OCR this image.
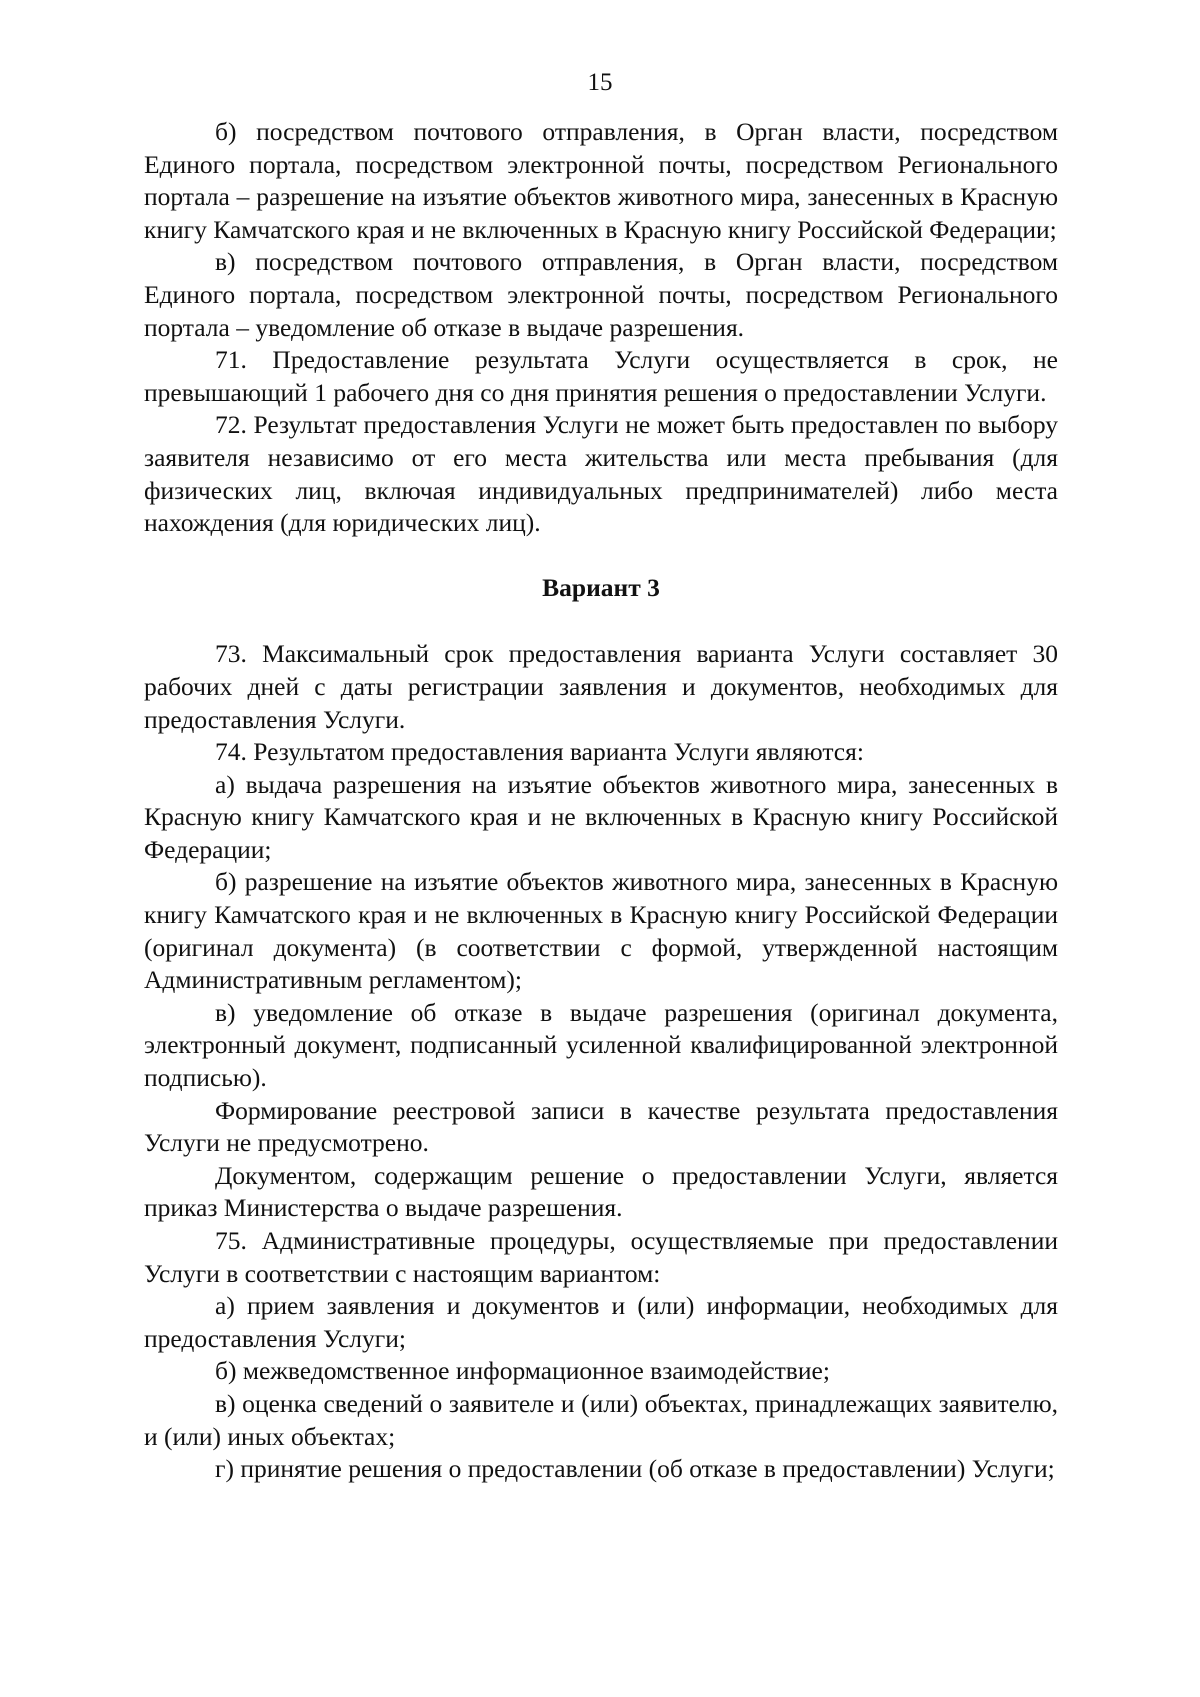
15

б) посредством почтового отправления, в Орган власти, посредством Единого портала, посредством электронной почты, посредством Регионального портала – разрешение на изъятие объектов животного мира, занесенных в Красную книгу Камчатского края и не включенных в Красную книгу Российской Федерации;

в) посредством почтового отправления, в Орган власти, посредством Единого портала, посредством электронной почты, посредством Регионального портала – уведомление об отказе в выдаче разрешения.

71. Предоставление результата Услуги осуществляется в срок, не превышающий 1 рабочего дня со дня принятия решения о предоставлении Услуги.

72. Результат предоставления Услуги не может быть предоставлен по выбору заявителя независимо от его места жительства или места пребывания (для физических лиц, включая индивидуальных предпринимателей) либо места нахождения (для юридических лиц).

Вариант 3

73. Максимальный срок предоставления варианта Услуги составляет 30 рабочих дней с даты регистрации заявления и документов, необходимых для предоставления Услуги.

74. Результатом предоставления варианта Услуги являются:

а) выдача разрешения на изъятие объектов животного мира, занесенных в Красную книгу Камчатского края и не включенных в Красную книгу Российской Федерации;

б) разрешение на изъятие объектов животного мира, занесенных в Красную книгу Камчатского края и не включенных в Красную книгу Российской Федерации (оригинал документа) (в соответствии с формой, утвержденной настоящим Административным регламентом);

в) уведомление об отказе в выдаче разрешения (оригинал документа, электронный документ, подписанный усиленной квалифицированной электронной подписью).

Формирование реестровой записи в качестве результата предоставления Услуги не предусмотрено.

Документом, содержащим решение о предоставлении Услуги, является приказ Министерства о выдаче разрешения.

75. Административные процедуры, осуществляемые при предоставлении Услуги в соответствии с настоящим вариантом:

а) прием заявления и документов и (или) информации, необходимых для предоставления Услуги;

б) межведомственное информационное взаимодействие;

в) оценка сведений о заявителе и (или) объектах, принадлежащих заявителю, и (или) иных объектах;

г) принятие решения о предоставлении (об отказе в предоставлении) Услуги;
